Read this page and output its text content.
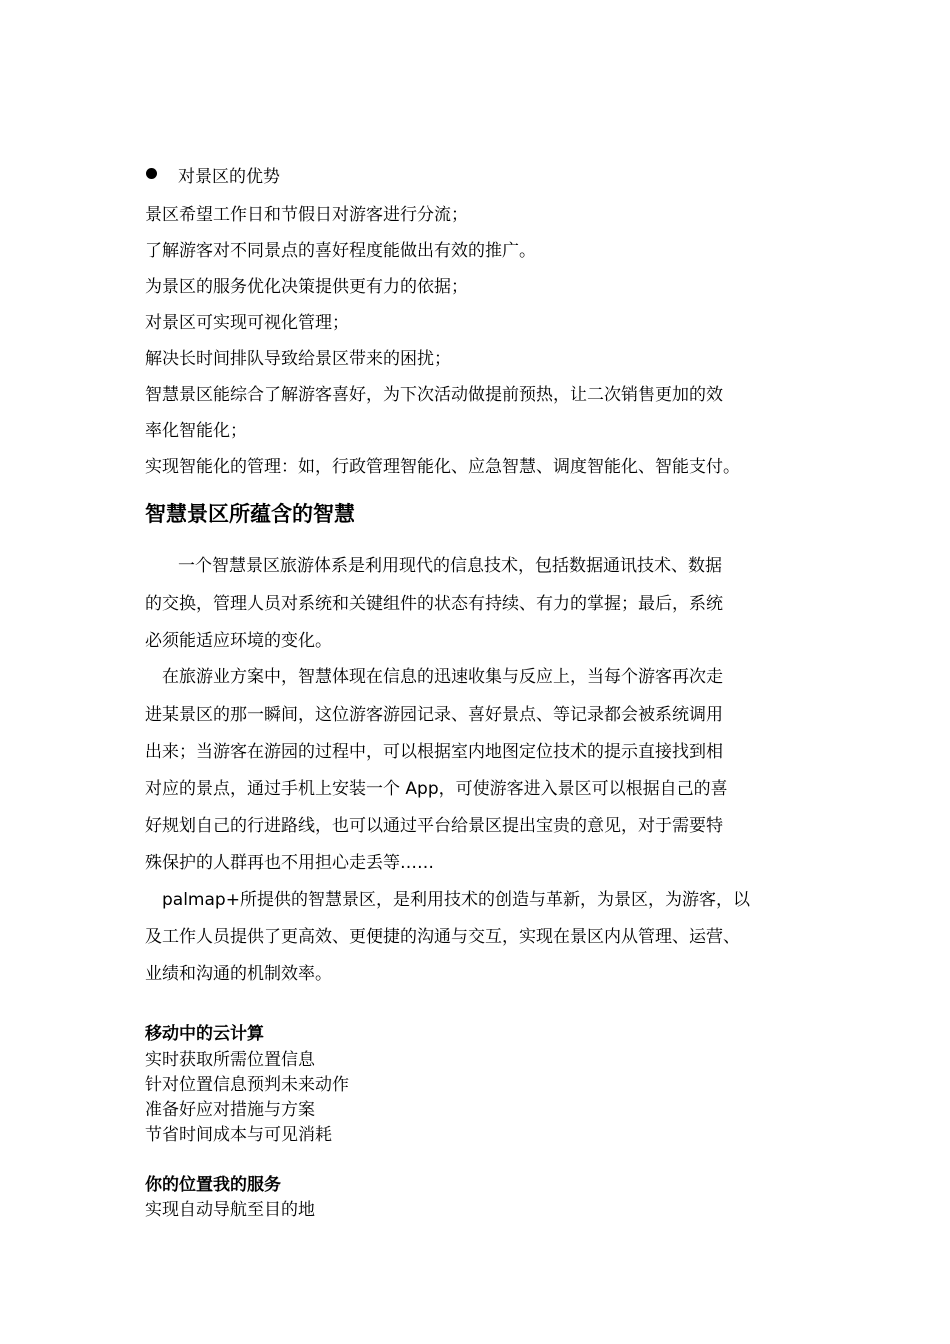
对景区的优势
景区希望工作日和节假日对游客进行分流；
了解游客对不同景点的喜好程度能做出有效的推广。
为景区的服务优化决策提供更有力的依据；
对景区可实现可视化管理；
解决长时间排队导致给景区带来的困扰；
智慧景区能综合了解游客喜好，为下次活动做提前预热，让二次销售更加的效
率化智能化；
实现智能化的管理：如，行政管理智能化、应急智慧、调度智能化、智能支付。
智慧景区所蕴含的智慧
一个智慧景区旅游体系是利用现代的信息技术，包括数据通讯技术、数据
的交换，管理人员对系统和关键组件的状态有持续、有力的掌握；最后，系统
必须能适应环境的变化。
在旅游业方案中，智慧体现在信息的迅速收集与反应上，当每个游客再次走
进某景区的那一瞬间，这位游客游园记录、喜好景点、等记录都会被系统调用
出来；当游客在游园的过程中，可以根据室内地图定位技术的提示直接找到相
对应的景点，通过手机上安装一个 App，可使游客进入景区可以根据自己的喜
好规划自己的行进路线，也可以通过平台给景区提出宝贵的意见，对于需要特
殊保护的人群再也不用担心走丢等……
palmap+所提供的智慧景区，是利用技术的创造与革新，为景区，为游客，以
及工作人员提供了更高效、更便捷的沟通与交互，实现在景区内从管理、运营、
业绩和沟通的机制效率。
移动中的云计算
实时获取所需位置信息
针对位置信息预判未来动作
准备好应对措施与方案
节省时间成本与可见消耗
你的位置我的服务
实现自动导航至目的地
